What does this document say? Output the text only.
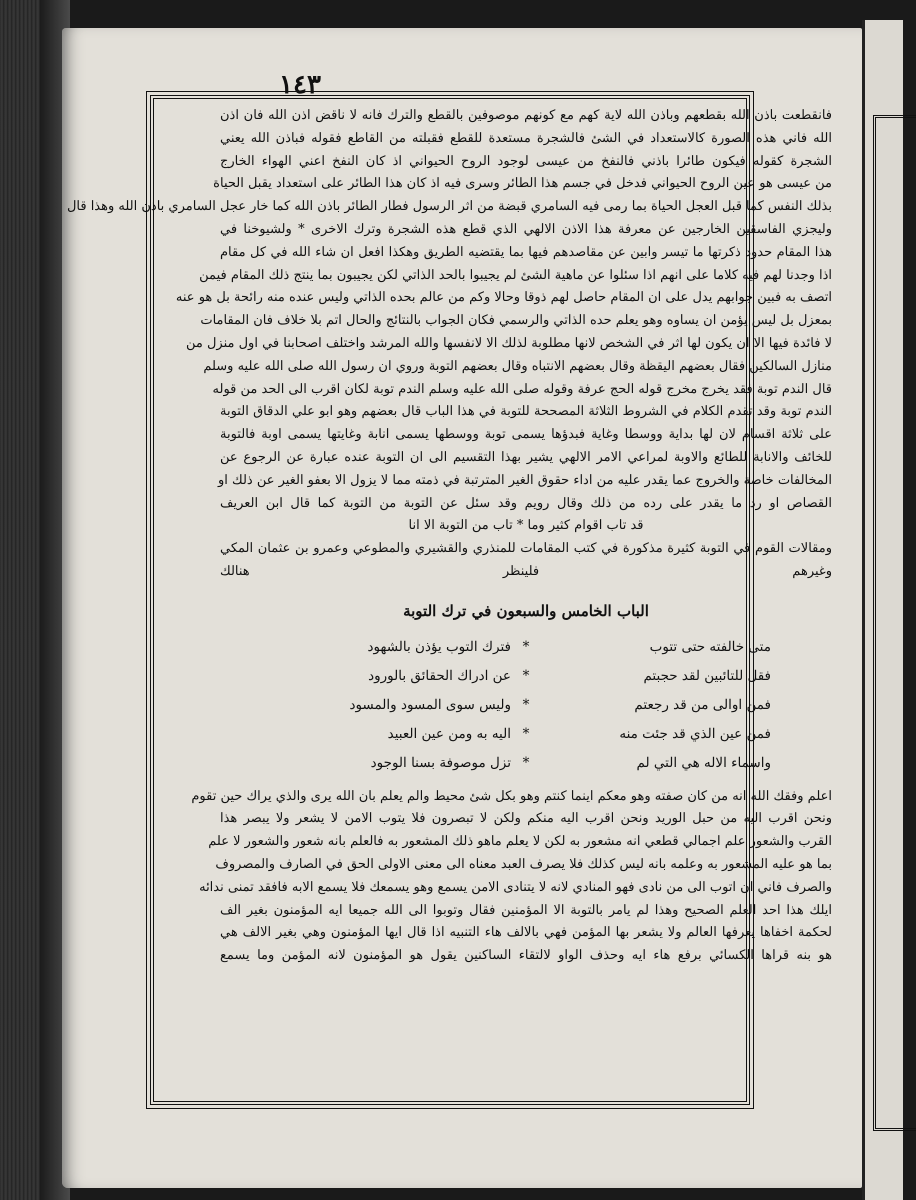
١٤٣
فانقطعت باذن الله بقطعهم وباذن الله لاية كهم مع كونهم موصوفين بالقطع والترك فانه لا ناقض اذن الله فان اذن
الله فاني هذه الصورة كالاستعداد في الشئ فالشجرة مستعدة للقطع فقبلته من القاطع فقوله فباذن الله يعني
الشجرة كقوله فيكون طائرا باذني فالنفخ من عيسى لوجود الروح الحيواني اذ كان النفخ اعني الهواء الخارج
من عيسى هو عين الروح الحيواني فدخل في جسم هذا الطائر وسرى فيه اذ كان هذا الطائر على استعداد يقبل الحياة
بذلك النفس كما قبل العجل الحياة بما رمى فيه السامري قبضة من اثر الرسول فطار الطائر باذن الله كما خار عجل السامري باذن الله وهذا قال
وليجزي الفاسقين الخارجين عن معرفة هذا الاذن الالهي الذي قطع هذه الشجرة وترك الاخرى * ولشيوخنا في
هذا المقام حدود ذكرتها ما تيسر وابين عن مقاصدهم فيها بما يقتضيه الطريق وهكذا افعل ان شاء الله في كل مقام
اذا وجدنا لهم فيه كلاما على انهم اذا سئلوا عن ماهية الشئ لم يجيبوا بالحد الذاتي لكن يجيبون بما ينتج ذلك المقام فيمن
اتصف به فبين جوابهم يدل على ان المقام حاصل لهم ذوقا وحالا وكم من عالم بحده الذاتي وليس عنده منه رائحة بل هو عنه
بمعزل بل ليس يؤمن ان يساوه وهو يعلم حده الذاتي والرسمي فكان الجواب بالنتائج والحال اتم بلا خلاف فان المقامات
لا فائدة فيها الا ان يكون لها اثر في الشخص لانها مطلوبة لذلك الا لانفسها والله المرشد واختلف اصحابنا في اول منزل من
منازل السالكين فقال بعضهم اليقظة وقال بعضهم الانتباه وقال بعضهم التوبة وروي ان رسول الله صلى الله عليه وسلم
قال الندم توبة فقد يخرج مخرج قوله الحج عرفة وقوله صلى الله عليه وسلم الندم توبة لكان اقرب الى الحد من قوله
الندم توبة وقد تقدم الكلام في الشروط الثلاثة المصححة للتوبة في هذا الباب قال بعضهم وهو ابو علي الدقاق التوبة
على ثلاثة اقسام لان لها بداية ووسطا وغاية فبدؤها يسمى توبة ووسطها يسمى انابة وغايتها يسمى اوبة فالتوبة
للخائف والانابة للطائع والاوبة لمراعي الامر الالهي يشير بهذا التقسيم الى ان التوبة عنده عبارة عن الرجوع عن
المخالفات خاصة والخروج عما يقدر عليه من اداء حقوق الغير المترتبة في ذمته مما لا يزول الا بعفو الغير عن ذلك او
القصاص او رد ما يقدر على رده من ذلك وقال رويم وقد سئل عن التوبة من التوبة كما قال ابن العريف
قد تاب اقوام كثير وما * تاب من التوبة الا انا
ومقالات القوم في التوبة كثيرة مذكورة في كتب المقامات للمنذري والقشيري والمطوعي وعمرو بن عثمان المكي
وغيرهم فلينظر هنالك
الباب الخامس والسبعون في ترك التوبة
متى خالفته حتى تتوب
*
فترك التوب يؤذن بالشهود
فقل للتائبين لقد حجبتم
*
عن ادراك الحقائق بالورود
فمن اوالى من قد رجعتم
*
وليس سوى المسود والمسود
فمن عين الذي قد جئت منه
*
اليه به ومن عين العبيد
واسماء الاله هي التي لم
*
تزل موصوفة بسنا الوجود
اعلم وفقك الله انه من كان صفته وهو معكم اينما كنتم وهو بكل شئ محيط والم يعلم بان الله يرى والذي يراك حين تقوم
ونحن اقرب اليه من حبل الوريد ونحن اقرب اليه منكم ولكن لا تبصرون فلا يتوب الامن لا يشعر ولا يبصر هذا
القرب والشعور علم اجمالي قطعي انه مشعور به لكن لا يعلم ماهو ذلك المشعور به فالعلم بانه شعور والشعور لا علم
بما هو عليه المشعور به وعلمه بانه ليس كذلك فلا يصرف العبد معناه الى معنى الاولى الحق في الصارف والمصروف
والصرف فاني ان اتوب الى من نادى فهو المنادي لانه لا يتنادى الامن يسمع وهو يسمعك فلا يسمع الابه فافقد تمنى ندائه
ايلك هذا احد العلم الصحيح وهذا لم يامر بالتوبة الا المؤمنين فقال وتوبوا الى الله جميعا ايه المؤمنون بغير الف
لحكمة اخفاها يعرفها العالم ولا يشعر بها المؤمن فهي بالالف هاء التنبيه اذا قال ايها المؤمنون وهي بغير الالف هي
هو بنه قراها الكسائي برفع هاء ايه وحذف الواو لالتقاء الساكنين يقول هو المؤمنون لانه المؤمن وما يسمع
